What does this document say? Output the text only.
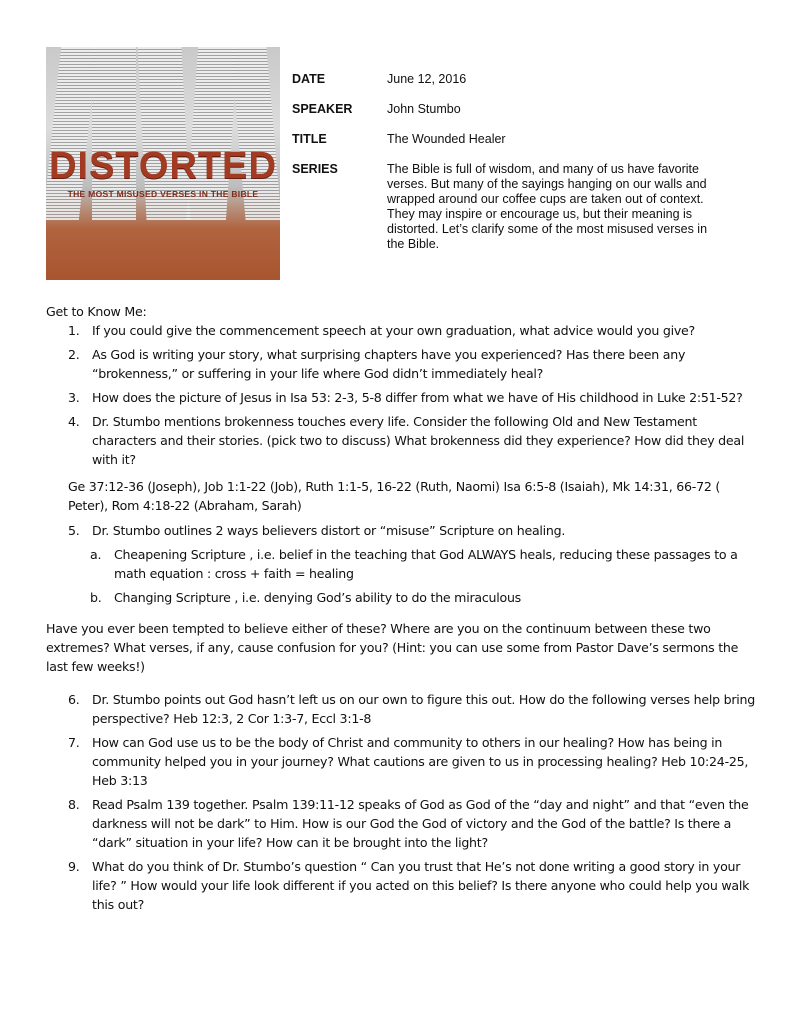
DISTORTED
THE MOST MISUSED VERSES IN THE BIBLE
DATE	June 12, 2016
SPEAKER	John Stumbo
TITLE	The Wounded Healer
SERIES	The Bible is full of wisdom, and many of us have favorite verses. But many of the sayings hanging on our walls and wrapped around our coffee cups are taken out of context. They may inspire or encourage us, but their meaning is distorted. Let’s clarify some of the most misused verses in the Bible.

Get to Know Me:

1. If you could give the commencement speech at your own graduation, what advice would you give?
2. As God is writing your story, what surprising chapters have you experienced? Has there been any “brokenness,” or suffering in your life where God didn’t immediately heal?
3. How does the picture of Jesus in Isa 53: 2-3, 5-8 differ from what we have of His childhood in Luke 2:51-52?
4. Dr. Stumbo mentions brokenness touches every life. Consider the following Old and New Testament characters and their stories. (pick two to discuss) What brokenness did they experience? How did they deal with it?

Ge 37:12-36 (Joseph), Job 1:1-22 (Job), Ruth 1:1-5, 16-22 (Ruth, Naomi) Isa 6:5-8 (Isaiah), Mk 14:31, 66-72 ( Peter), Rom 4:18-22 (Abraham, Sarah)

5. Dr. Stumbo outlines 2 ways believers distort or “misuse” Scripture on healing.
a.	Cheapening Scripture , i.e. belief in the teaching that God ALWAYS heals, reducing these passages to a math equation : cross + faith = healing
b. Changing Scripture , i.e. denying God’s ability to do the miraculous

Have you ever been tempted to believe either of these? Where are you on the continuum between these two extremes? What verses, if any, cause confusion for you? (Hint: you can use some from Pastor Dave’s sermons the last few weeks!)

6. Dr. Stumbo points out God hasn’t left us on our own to figure this out. How do the following verses help bring perspective? Heb 12:3, 2 Cor 1:3-7, Eccl 3:1-8
7. How can God use us to be the body of Christ and community to others in our healing? How has being in community helped you in your journey? What cautions are given to us in processing healing? Heb 10:24-25, Heb 3:13
8. Read Psalm 139 together. Psalm 139:11-12 speaks of God as God of the “day and night” and that “even the darkness will not be dark” to Him. How is our God the God of victory and the God of the battle? Is there a “dark” situation in your life? How can it be brought into the light?
9. What do you think of Dr. Stumbo’s question “ Can you trust that He’s not done writing a good story in your life? ” How would your life look different if you acted on this belief? Is there anyone who could help you walk this out?
